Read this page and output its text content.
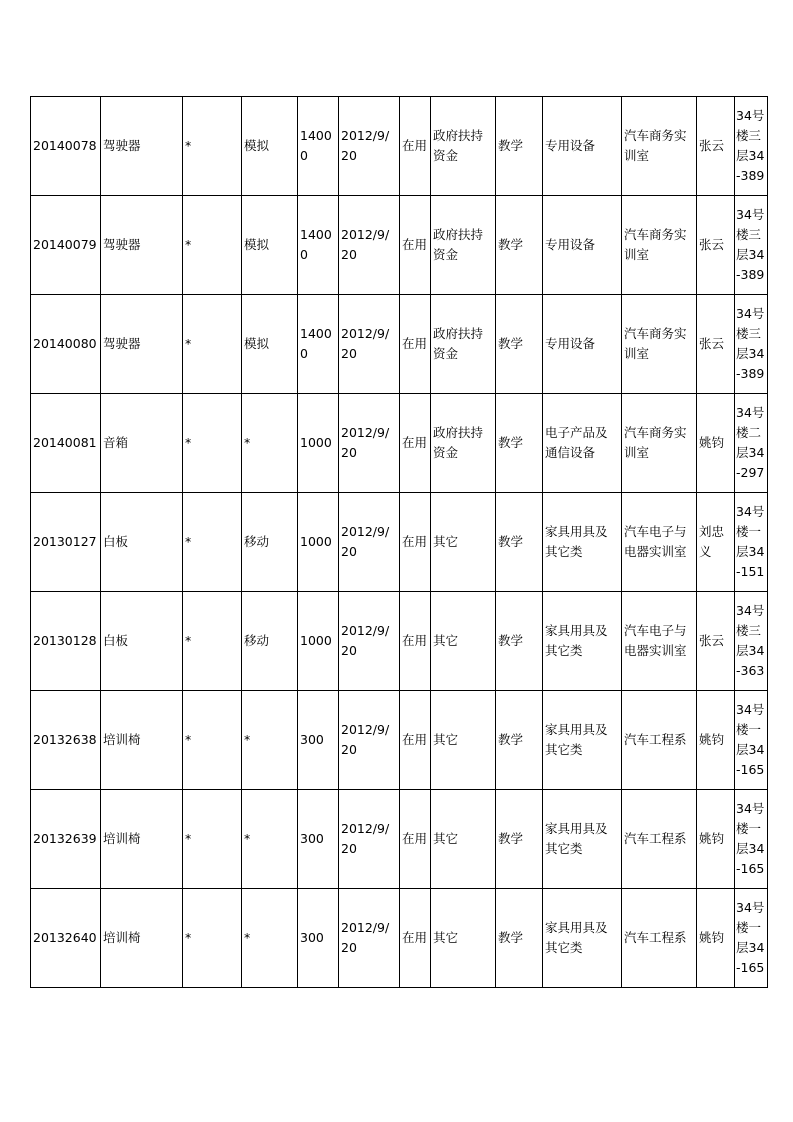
20140078	驾驶器	*	模拟	14000	2012/9/20	在用	政府扶持资金	教学	专用设备	汽车商务实训室	张云	34号楼三层34-389
20140079	驾驶器	*	模拟	14000	2012/9/20	在用	政府扶持资金	教学	专用设备	汽车商务实训室	张云	34号楼三层34-389
20140080	驾驶器	*	模拟	14000	2012/9/20	在用	政府扶持资金	教学	专用设备	汽车商务实训室	张云	34号楼三层34-389
20140081	音箱	*	*	1000	2012/9/20	在用	政府扶持资金	教学	电子产品及通信设备	汽车商务实训室	姚钧	34号楼二层34-297
20130127	白板	*	移动	1000	2012/9/20	在用	其它	教学	家具用具及其它类	汽车电子与电器实训室	刘忠义	34号楼一层34-151
20130128	白板	*	移动	1000	2012/9/20	在用	其它	教学	家具用具及其它类	汽车电子与电器实训室	张云	34号楼三层34-363
20132638	培训椅	*	*	300	2012/9/20	在用	其它	教学	家具用具及其它类	汽车工程系	姚钧	34号楼一层34-165
20132639	培训椅	*	*	300	2012/9/20	在用	其它	教学	家具用具及其它类	汽车工程系	姚钧	34号楼一层34-165
20132640	培训椅	*	*	300	2012/9/20	在用	其它	教学	家具用具及其它类	汽车工程系	姚钧	34号楼一层34-165
